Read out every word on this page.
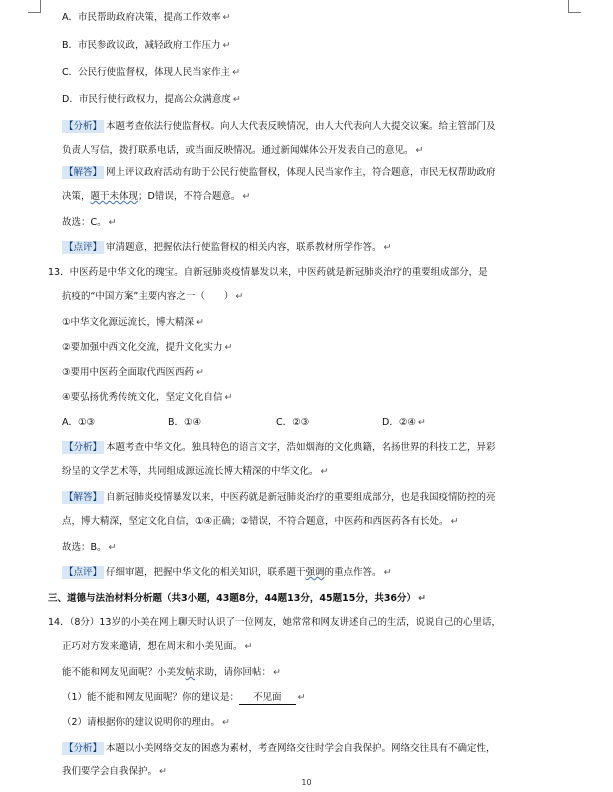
A．市民帮助政府决策，提高工作效率 ↵
B．市民参政议政，减轻政府工作压力 ↵
C．公民行使监督权，体现人民当家作主 ↵
D．市民行使行政权力，提高公众满意度 ↵
【分析】 本题考查依法行使监督权。向人大代表反映情况，由人大代表向人大提交议案。给主管部门及
负责人写信，拨打联系电话，或当面反映情况。通过新闻媒体公开发表自己的意见。 ↵
【解答】 网上评议政府活动有助于公民行使监督权，体现人民当家作主，符合题意，市民无权帮助政府
决策，题干未体现；D错误，不符合题意。 ↵
故选：C。 ↵
【点评】 审清题意，把握依法行使监督权的相关内容，联系教材所学作答。 ↵
13．中医药是中华文化的瑰宝。自新冠肺炎疫情暴发以来，中医药就是新冠肺炎治疗的重要组成部分，是
抗疫的“中国方案”主要内容之一（　　） ↵
①中华文化源远流长，博大精深 ↵
②要加强中西文化交流，提升文化实力 ↵
③要用中医药全面取代西医西药 ↵
④要弘扬优秀传统文化，坚定文化自信 ↵
A．①③	B．①④	C．②③	D．②④ ↵
【分析】 本题考查中华文化。独具特色的语言文字，浩如烟海的文化典籍，名扬世界的科技工艺，异彩
纷呈的文学艺术等，共同组成源远流长博大精深的中华文化。 ↵
【解答】 自新冠肺炎疫情暴发以来，中医药就是新冠肺炎治疗的重要组成部分，也是我国疫情防控的亮
点，博大精深，坚定文化自信，①④正确；②错误，不符合题意，中医药和西医药各有长处。 ↵
故选：B。 ↵
【点评】 仔细审题，把握中华文化的相关知识，联系题干强调的重点作答。 ↵
三、道德与法治材料分析题（共3小题，43题8分，44题13分，45题15分，共36分） ↵
14．（8分）13岁的小美在网上聊天时认识了一位网友，她常常和网友讲述自己的生活，说说自己的心里话，
正巧对方发来邀请，想在周末和小美见面。 ↵
能不能和网友见面呢？小美发帖求助，请你回帖： ↵
（1）能不能和网友见面呢？你的建议是： 不见面 ↵
（2）请根据你的建议说明你的理由。 ↵
【分析】 本题以小美网络交友的困惑为素材，考查网络交往时学会自我保护。网络交往具有不确定性，
我们要学会自我保护。 ↵
10
